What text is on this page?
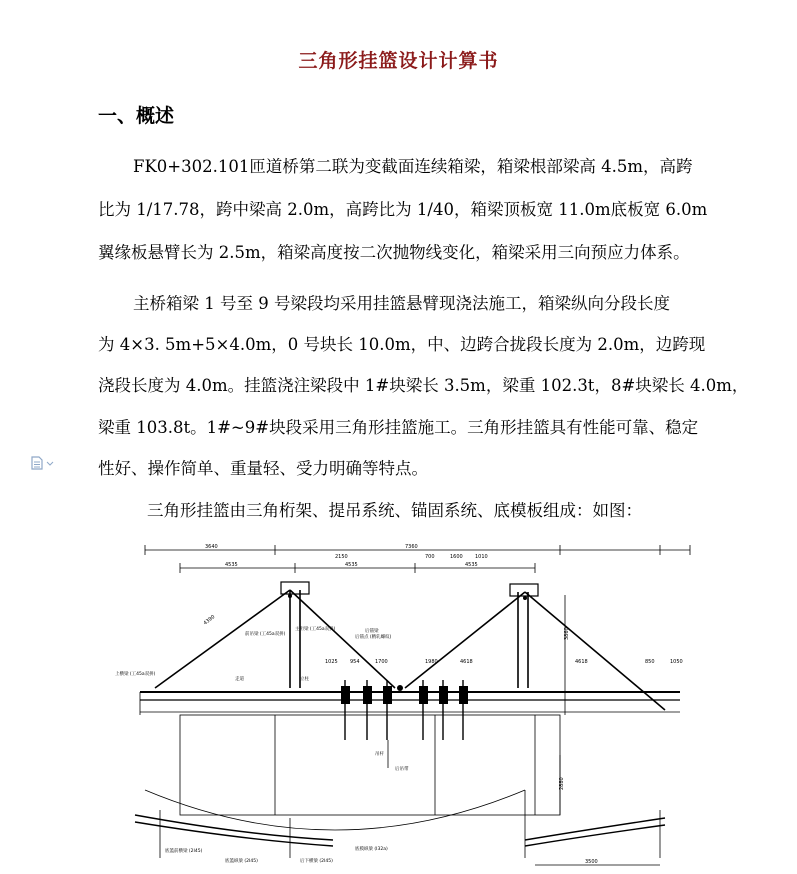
三角形挂篮设计计算书
一、概述
FK0+302.101匝道桥第二联为变截面连续箱梁，箱梁根部梁高 4.5m，高跨
比为 1/17.78，跨中梁高 2.0m，高跨比为 1/40，箱梁顶板宽 11.0m底板宽 6.0m
翼缘板悬臂长为 2.5m，箱梁高度按二次抛物线变化，箱梁采用三向预应力体系。
主桥箱梁 1 号至 9 号梁段均采用挂篮悬臂现浇法施工，箱梁纵向分段长度
为 4×3. 5m+5×4.0m，0 号块长 10.0m，中、边跨合拢段长度为 2.0m，边跨现
浇段长度为 4.0m。挂篮浇注梁段中 1#块梁长 3.5m，梁重 102.3t，8#块梁长 4.0m，
梁重 103.8t。1#~9#块段采用三角形挂篮施工。三角形挂篮具有性能可靠、稳定
性好、操作简单、重量轻、受力明确等特点。
三角形挂篮由三角桁架、提吊系统、锚固系统、底模板组成：如图：
3640	7360
2150	700	1600 1010
4535	4535	4535
1025 954	1700	1980	4618	4618	850	1050
3500
3860
2880
4390
前吊梁 (工45a双拼)
主桁梁 (工45a双拼)	后锚梁
后锚点 (精轧螺纹)
走道	立柱
后吊带
上横梁 (工45a双拼)
吊杆
底篮前横梁 (2I45)
底篮纵梁 (2I45)	后下横梁 (2I45)
底模纵梁 (I32a)
